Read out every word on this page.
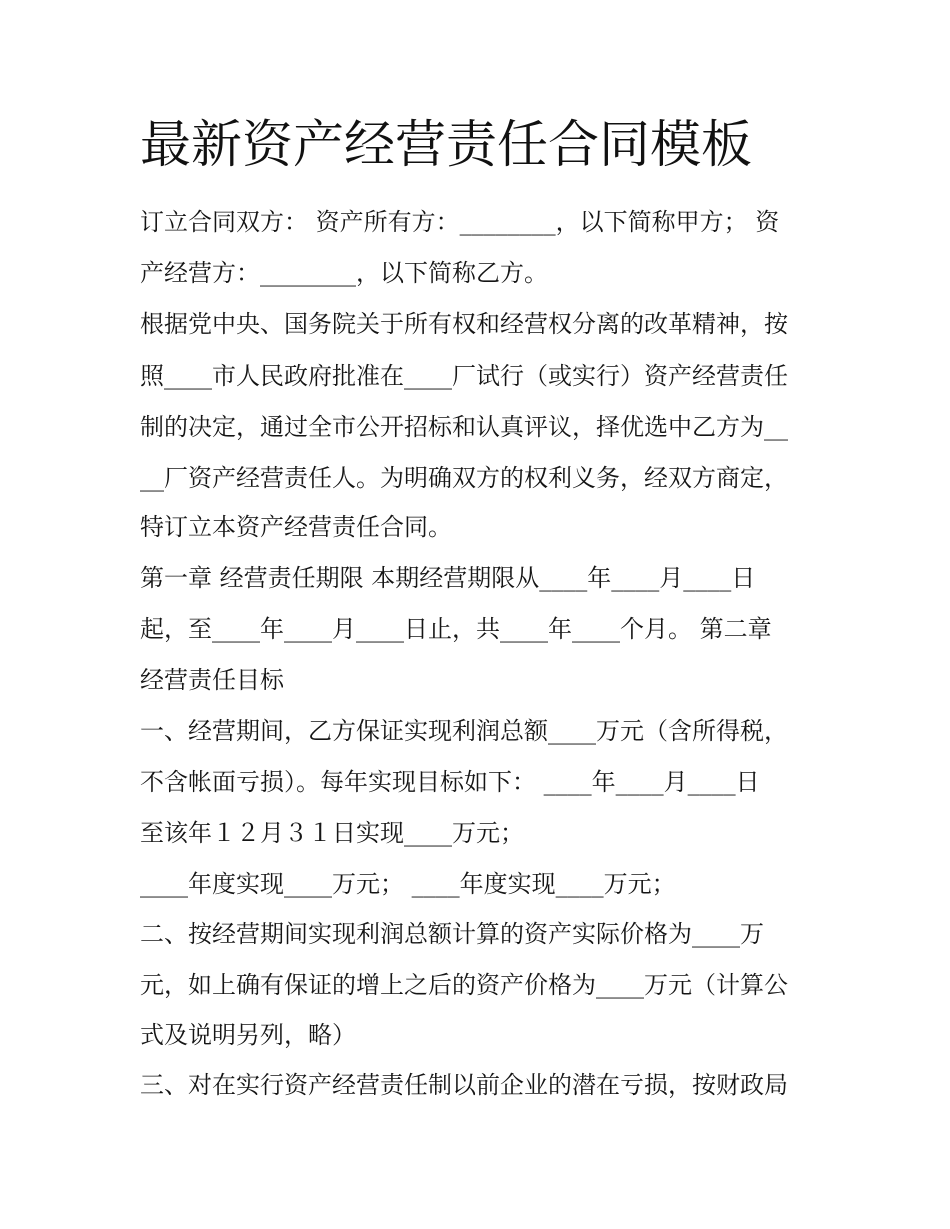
最新资产经营责任合同模板

订立合同双方： 资产所有方：________，以下简称甲方； 资

产经营方：________，以下简称乙方。

根据党中央、国务院关于所有权和经营权分离的改革精神，按

照____市人民政府批准在____厂试行（或实行）资产经营责任

制的决定，通过全市公开招标和认真评议，择优选中乙方为__

__厂资产经营责任人。为明确双方的权利义务，经双方商定，

特订立本资产经营责任合同。

第一章 经营责任期限 本期经营期限从____年____月____日

起，至____年____月____日止，共____年____个月。 第二章

经营责任目标

一、经营期间，乙方保证实现利润总额____万元（含所得税，

不含帐面亏损）。每年实现目标如下： ____年____月____日

至该年１２月３１日实现____万元；

____年度实现____万元； ____年度实现____万元；

二、按经营期间实现利润总额计算的资产实际价格为____万

元，如上确有保证的增上之后的资产价格为____万元（计算公

式及说明另列，略）

三、对在实行资产经营责任制以前企业的潜在亏损，按财政局
